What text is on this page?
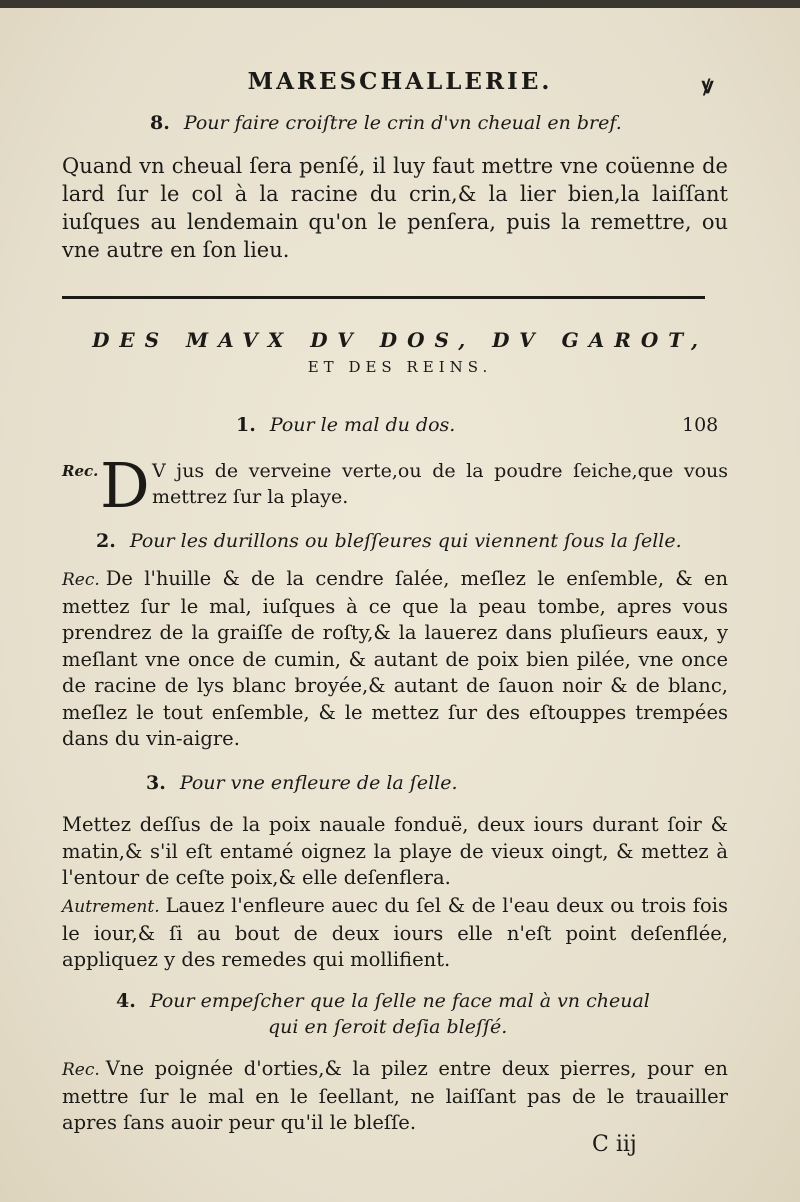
MARESCHALLERIE.	ꝟ
8. Pour faire croiſtre le crin d'vn cheual en bref.
Quand vn cheual ſera penſé, il luy faut mettre vne coüenne de lard ſur le col à la racine du crin,& la lier bien,la laiſſant iuſques au lendemain qu'on le penſera, puis la remettre, ou vne autre en ſon lieu.
DES MAVX DV DOS, DV GAROT,
ET DES REINS.
1. Pour le mal du dos.	108
Rec. D V jus de verveine verte,ou de la poudre ſeiche,que vous mettrez ſur la playe.
2. Pour les durillons ou bleſſeures qui viennent ſous la ſelle.
Rec. De l'huille & de la cendre ſalée, meſlez le enſemble, & en mettez ſur le mal, iuſques à ce que la peau tombe, apres vous prendrez de la graiſſe de roſty,& la lauerez dans pluſieurs eaux, y meſlant vne once de cumin, & autant de poix bien pilée, vne once de racine de lys blanc broyée,& autant de ſauon noir & de blanc, meſlez le tout enſemble, & le mettez ſur des eſtouppes trempées dans du vin-aigre.
3. Pour vne enfleure de la ſelle.
Mettez deſſus de la poix nauale fonduë, deux iours durant ſoir & matin,& s'il eſt entamé oignez la playe de vieux oingt, & mettez à l'entour de ceſte poix,& elle deſenflera.
Autrement. Lauez l'enfleure auec du ſel & de l'eau deux ou trois fois le iour,& ſi au bout de deux iours elle n'eſt point deſenflée, appliquez y des remedes qui mollifient.
4. Pour empeſcher que la ſelle ne face mal à vn cheual
qui en ſeroit deſia bleſſé.
Rec. Vne poignée d'orties,& la pilez entre deux pierres, pour en mettre ſur le mal en le ſeellant, ne laiſſant pas de le trauailler apres ſans auoir peur qu'il le bleſſe.
C iij
